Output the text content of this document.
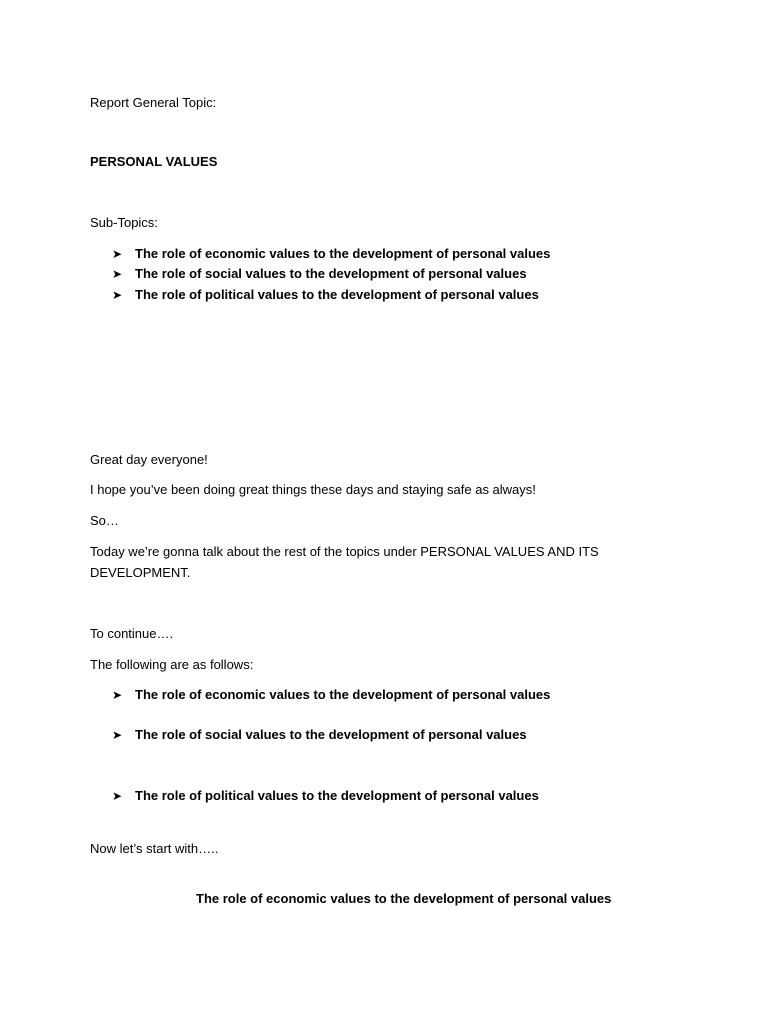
Report General Topic:
PERSONAL VALUES
Sub-Topics:
➤ The role of economic values to the development of personal values
➤ The role of social values to the development of personal values
➤ The role of political values to the development of personal values
Great day everyone!
I hope you’ve been doing great things these days and staying safe as always!
So…
Today we’re gonna talk about the rest of the topics under PERSONAL VALUES AND ITS DEVELOPMENT.
To continue….
The following are as follows:
➤ The role of economic values to the development of personal values
➤ The role of social values to the development of personal values
➤ The role of political values to the development of personal values
Now let’s start with…..
The role of economic values to the development of personal values
